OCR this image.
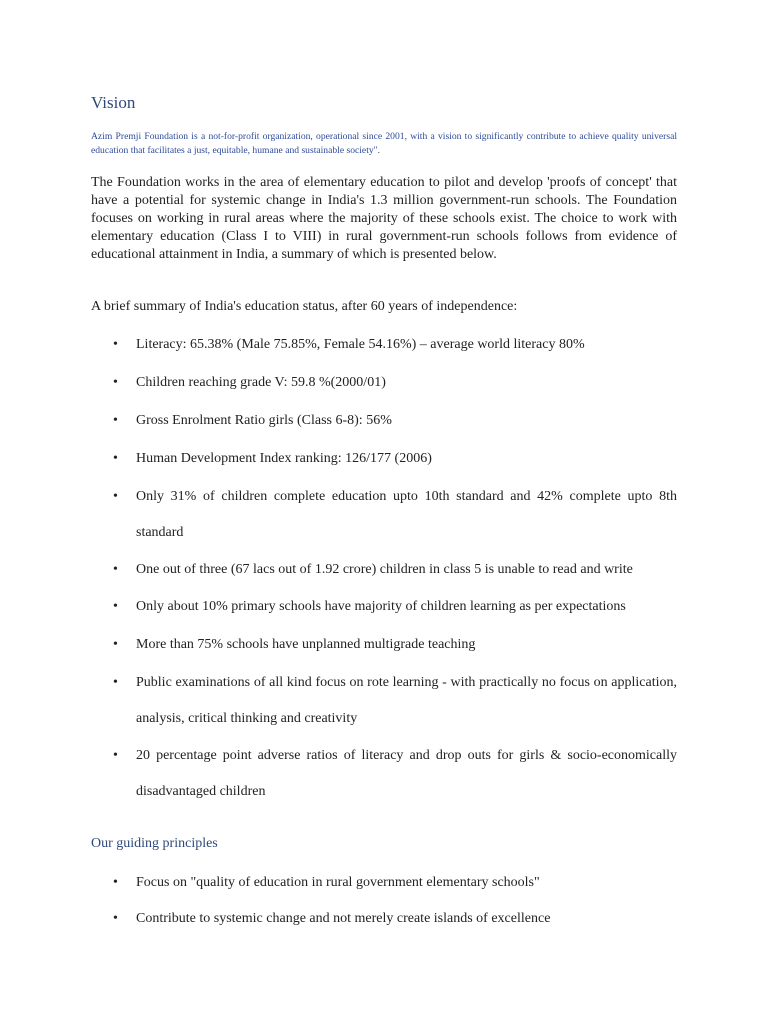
Vision

Azim Premji Foundation is a not-for-profit organization, operational since 2001, with a vision to significantly contribute to achieve quality universal education that facilitates a just, equitable, humane and sustainable society".

The Foundation works in the area of elementary education to pilot and develop 'proofs of concept' that have a potential for systemic change in India's 1.3 million government-run schools. The Foundation focuses on working in rural areas where the majority of these schools exist. The choice to work with elementary education (Class I to VIII) in rural government-run schools follows from evidence of educational attainment in India, a summary of which is presented below.

A brief summary of India's education status, after 60 years of independence:

• Literacy: 65.38% (Male 75.85%, Female 54.16%) – average world literacy 80%
• Children reaching grade V: 59.8 %(2000/01)
• Gross Enrolment Ratio girls (Class 6-8): 56%
• Human Development Index ranking: 126/177 (2006)
• Only 31% of children complete education upto 10th standard and 42% complete upto 8th standard
• One out of three (67 lacs out of 1.92 crore) children in class 5 is unable to read and write
• Only about 10% primary schools have majority of children learning as per expectations
• More than 75% schools have unplanned multigrade teaching
• Public examinations of all kind focus on rote learning - with practically no focus on application, analysis, critical thinking and creativity
• 20 percentage point adverse ratios of literacy and drop outs for girls & socio-economically disadvantaged children
Our guiding principles
• Focus on "quality of education in rural government elementary schools"
• Contribute to systemic change and not merely create islands of excellence
